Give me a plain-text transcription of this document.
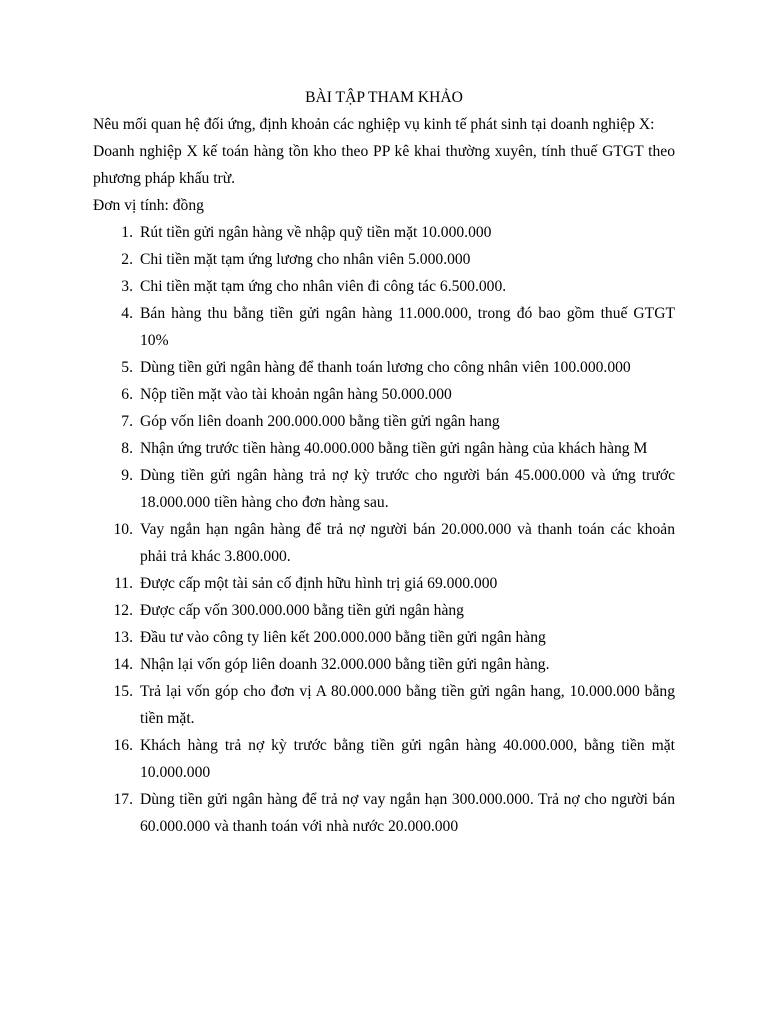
BÀI TẬP THAM KHẢO

Nêu mối quan hệ đối ứng, định khoản các nghiệp vụ kinh tế phát sinh tại doanh nghiệp X:

Doanh nghiệp X kế toán hàng tồn kho theo PP kê khai thường xuyên, tính thuế GTGT theo phương pháp khấu trừ.

Đơn vị tính: đồng

1. Rút tiền gửi ngân hàng về nhập quỹ tiền mặt 10.000.000
2. Chi tiền mặt tạm ứng lương cho nhân viên 5.000.000
3. Chi tiền mặt tạm ứng cho nhân viên đi công tác 6.500.000.
4. Bán hàng thu bằng tiền gửi ngân hàng 11.000.000, trong đó bao gồm thuế GTGT 10%
5. Dùng tiền gửi ngân hàng để thanh toán lương cho công nhân viên 100.000.000
6. Nộp tiền mặt vào tài khoản ngân hàng 50.000.000
7. Góp vốn liên doanh 200.000.000 bằng tiền gửi ngân hang
8. Nhận ứng trước tiền hàng 40.000.000 bằng tiền gửi ngân hàng của khách hàng M
9. Dùng tiền gửi ngân hàng trả nợ kỳ trước cho người bán 45.000.000 và ứng trước 18.000.000 tiền hàng cho đơn hàng sau.
10. Vay ngắn hạn ngân hàng để trả nợ người bán 20.000.000 và thanh toán các khoản phải trả khác 3.800.000.
11. Được cấp một tài sản cố định hữu hình trị giá 69.000.000
12. Được cấp vốn 300.000.000 bằng tiền gửi ngân hàng
13. Đầu tư vào công ty liên kết 200.000.000 bằng tiền gửi ngân hàng
14. Nhận lại vốn góp liên doanh 32.000.000 bằng tiền gửi ngân hàng.
15. Trả lại vốn góp cho đơn vị A 80.000.000 bằng tiền gửi ngân hang, 10.000.000 bằng tiền mặt.
16. Khách hàng trả nợ kỳ trước bằng tiền gửi ngân hàng 40.000.000, bằng tiền mặt 10.000.000
17. Dùng tiền gửi ngân hàng để trả nợ vay ngắn hạn 300.000.000. Trả nợ cho người bán 60.000.000 và thanh toán với nhà nước 20.000.000
